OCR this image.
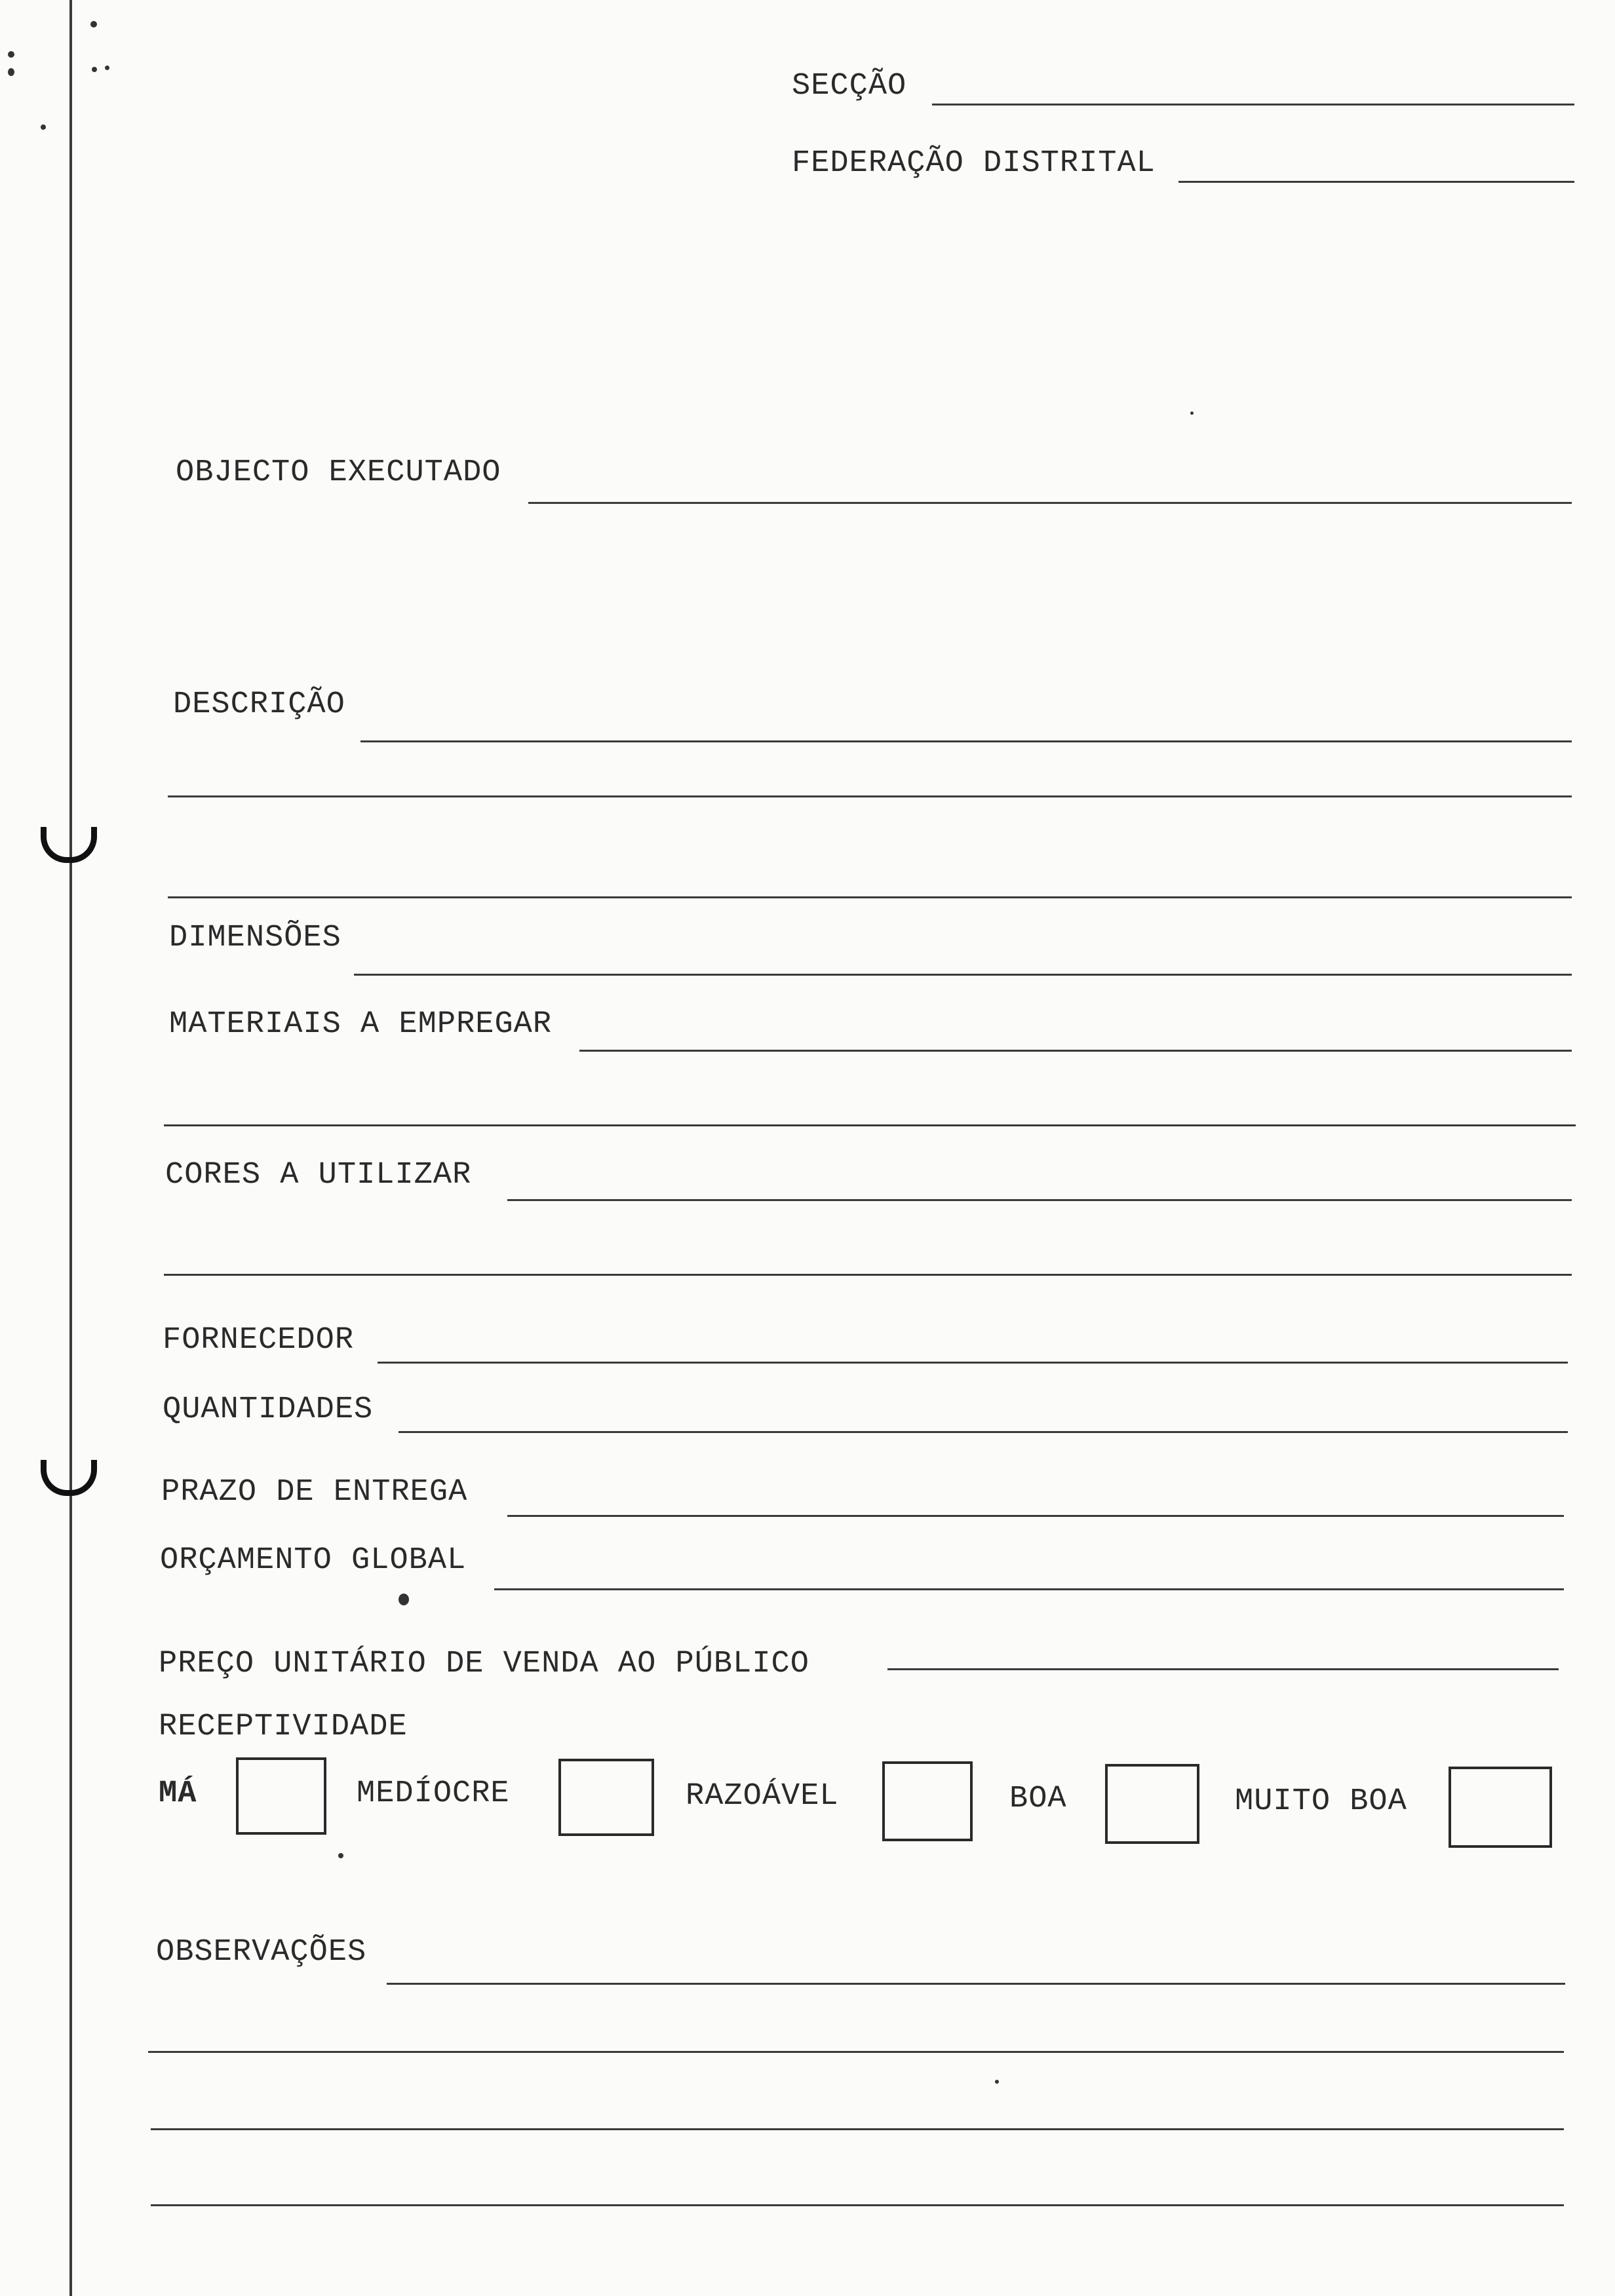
SECÇÃO
FEDERAÇÃO DISTRITAL
OBJECTO EXECUTADO
DESCRIÇÃO
DIMENSÕES
MATERIAIS A EMPREGAR
CORES A UTILIZAR
FORNECEDOR
QUANTIDADES
PRAZO DE ENTREGA
ORÇAMENTO GLOBAL
PREÇO UNITÁRIO DE VENDA AO PÚBLICO
RECEPTIVIDADE
MÁ	MEDÍOCRE	RAZOÁVEL	BOA	MUITO BOA
OBSERVAÇÕES
